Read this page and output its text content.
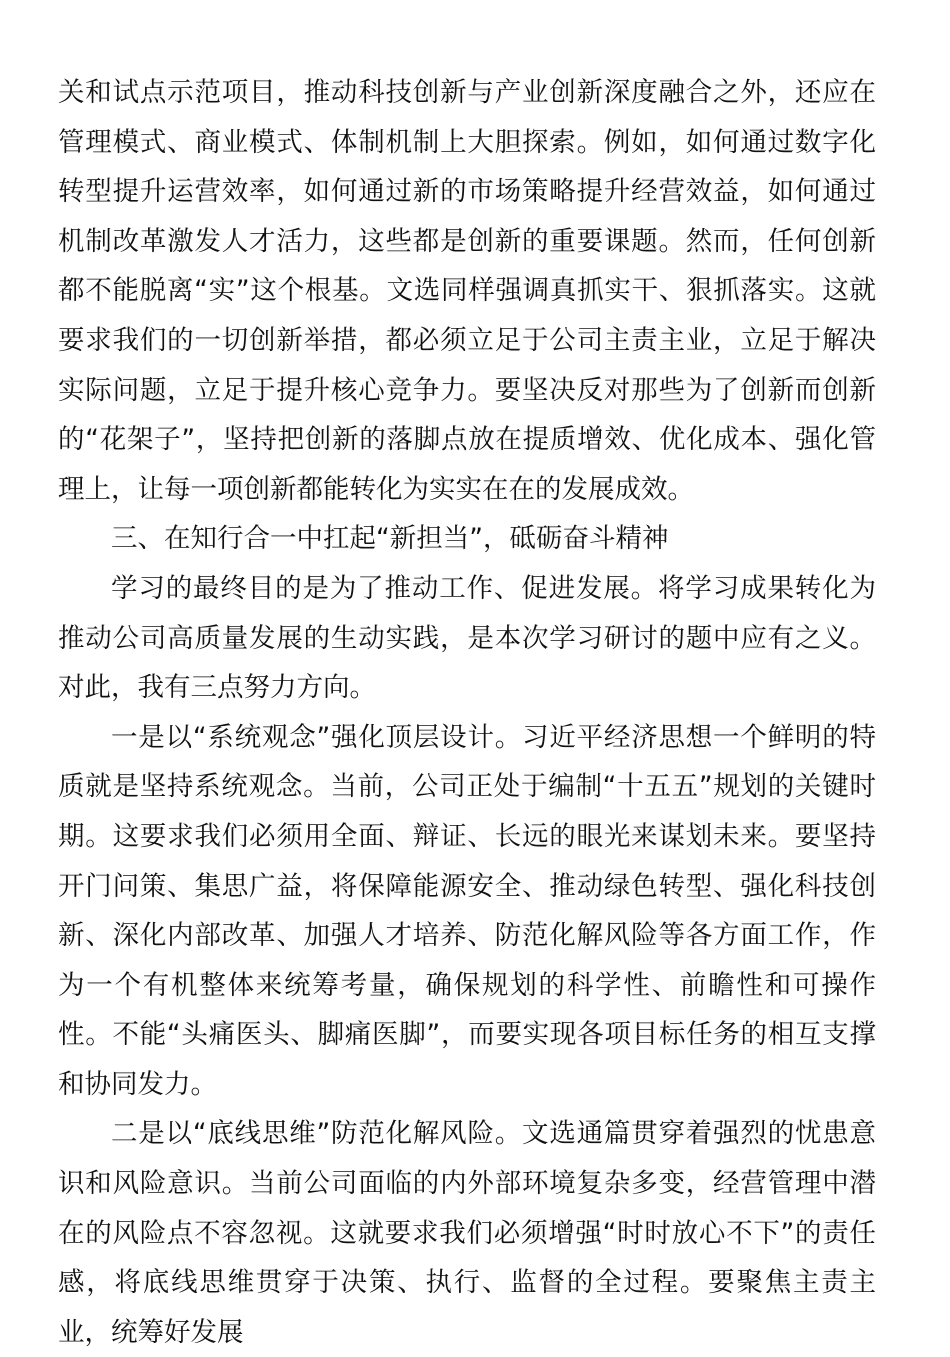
关和试点示范项目，推动科技创新与产业创新深度融合之外，还应在管理模式、商业模式、体制机制上大胆探索。例如，如何通过数字化转型提升运营效率，如何通过新的市场策略提升经营效益，如何通过机制改革激发人才活力，这些都是创新的重要课题。然而，任何创新都不能脱离“实”这个根基。文选同样强调真抓实干、狠抓落实。这就要求我们的一切创新举措，都必须立足于公司主责主业，立足于解决实际问题，立足于提升核心竞争力。要坚决反对那些为了创新而创新的“花架子”，坚持把创新的落脚点放在提质增效、优化成本、强化管理上，让每一项创新都能转化为实实在在的发展成效。

三、在知行合一中扛起“新担当”，砥砺奋斗精神

学习的最终目的是为了推动工作、促进发展。将学习成果转化为推动公司高质量发展的生动实践，是本次学习研讨的题中应有之义。对此，我有三点努力方向。

一是以“系统观念”强化顶层设计。习近平经济思想一个鲜明的特质就是坚持系统观念。当前，公司正处于编制“十五五”规划的关键时期。这要求我们必须用全面、辩证、长远的眼光来谋划未来。要坚持开门问策、集思广益，将保障能源安全、推动绿色转型、强化科技创新、深化内部改革、加强人才培养、防范化解风险等各方面工作，作为一个有机整体来统筹考量，确保规划的科学性、前瞻性和可操作性。不能“头痛医头、脚痛医脚”，而要实现各项目标任务的相互支撑和协同发力。

二是以“底线思维”防范化解风险。文选通篇贯穿着强烈的忧患意识和风险意识。当前公司面临的内外部环境复杂多变，经营管理中潜在的风险点不容忽视。这就要求我们必须增强“时时放心不下”的责任感，将底线思维贯穿于决策、执行、监督的全过程。要聚焦主责主业，统筹好发展
